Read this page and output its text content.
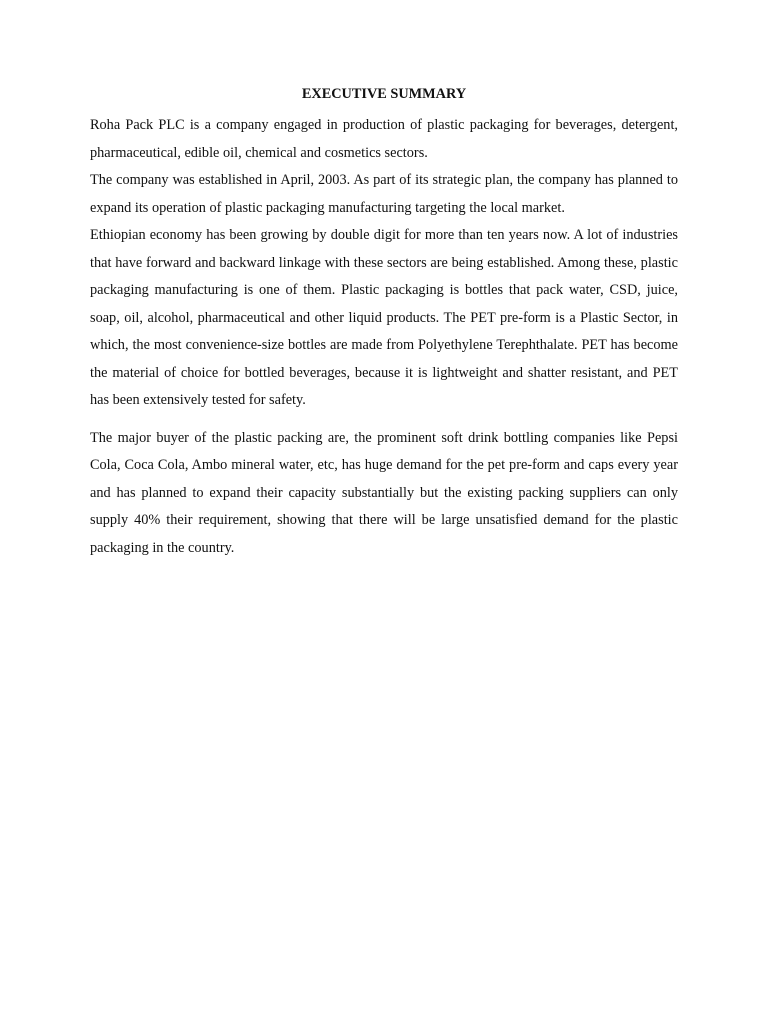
EXECUTIVE SUMMARY

Roha Pack PLC is a company engaged in production of plastic packaging for beverages, detergent, pharmaceutical, edible oil, chemical and cosmetics sectors.

The company was established in April, 2003. As part of its strategic plan, the company has planned to expand its operation of plastic packaging manufacturing targeting the local market.

Ethiopian economy has been growing by double digit for more than ten years now. A lot of industries that have forward and backward linkage with these sectors are being established. Among these, plastic packaging manufacturing is one of them. Plastic packaging is bottles that pack water, CSD, juice, soap, oil, alcohol, pharmaceutical and other liquid products. The PET pre-form is a Plastic Sector, in which, the most convenience-size bottles are made from Polyethylene Terephthalate. PET has become the material of choice for bottled beverages, because it is lightweight and shatter resistant, and PET has been extensively tested for safety.

The major buyer of the plastic packing are, the prominent soft drink bottling companies like Pepsi Cola, Coca Cola, Ambo mineral water, etc, has huge demand for the pet pre-form and caps every year and has planned to expand their capacity substantially but the existing packing suppliers can only supply 40% their requirement, showing that there will be large unsatisfied demand for the plastic packaging in the country.
